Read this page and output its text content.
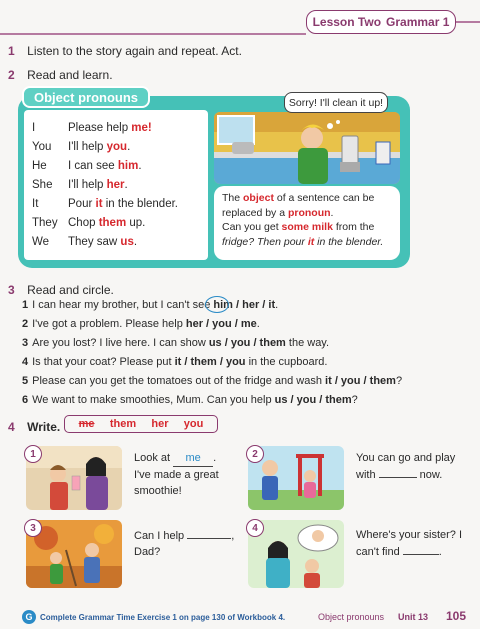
Lesson Two Grammar 1
1 Listen to the story again and repeat. Act.
2 Read and learn.
Object pronouns
I	Please help me!
You	I'll help you.
He	I can see him.
She	I'll help her.
It	Pour it in the blender.
They Chop them up.
We	They saw us.
Sorry! I'll clean it up!
The object of a sentence can be
replaced by a pronoun.
Can you get some milk from the
fridge? Then pour it in the blender.
3 Read and circle.
1 I can hear my brother, but I can't see him / her / it.
2 I've got a problem. Please help her / you / me.
3 Are you lost? I live here. I can show us / you / them the way.
4 Is that your coat? Please put it / them / you in the cupboard.
5 Please can you get the tomatoes out of the fridge and wash it / you / them?
6 We want to make smoothies, Mum. Can you help us / you / them?
4 Write. me them her you
1	Look at me .
I've made a great
smoothie!
2	You can go and play
with	now.
3
Can I help	,
Dad?
4
Where's your sister? I
can't find	.
G Complete Grammar Time Exercise 1 on page 130 of Workbook 4.	Object pronouns Unit 13 105
